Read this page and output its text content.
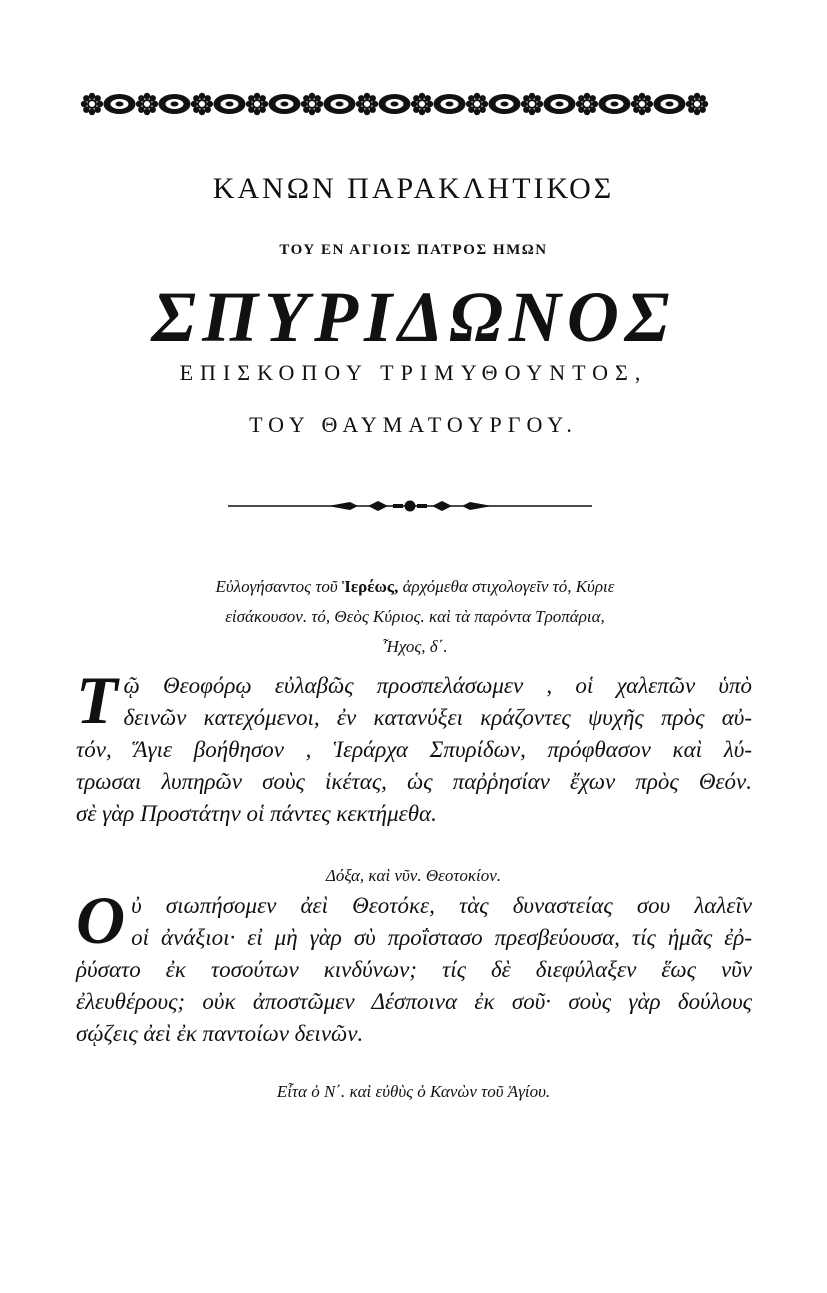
ΚΑΝΩΝ ΠΑΡΑΚΛΗΤΙΚΟΣ
ΤΟΥ ΕΝ ΑΓΙΟΙΣ ΠΑΤΡΟΣ ΗΜΩΝ
ΣΠΥΡΙΔΩΝΟΣ
ΕΠΙΣΚΟΠΟΥ ΤΡΙΜΥΘΟΥΝΤΟΣ,
ΤΟΥ ΘΑΥΜΑΤΟΥΡΓΟΥ.
Εὐλογήσαντος τοῦ Ἱερέως, ἀρχόμεθα στιχολογεῖν τό, Κύριε
εἰσάκουσον. τό, Θεὸς Κύριος. καὶ τὰ παρόντα Τροπάρια,
Ἦχος, δ΄.
Τ ῷ Θεοφόρῳ εὐλαβῶς προσπελάσωμεν , οἱ χαλεπῶν ὑπὸ
δεινῶν κατεχόμενοι, ἐν κατανύξει κράζοντες ψυχῆς πρὸς αὐ-
τόν, Ἅγιε βοήθησον , Ἱεράρχα Σπυρίδων, πρόφθασον καὶ λύ-
τρωσαι λυπηρῶν σοὺς ἱκέτας, ὡς παῤῥησίαν ἔχων πρὸς Θεόν.
σὲ γὰρ Προστάτην οἱ πάντες κεκτήμεθα.
Δόξα, καὶ νῦν. Θεοτοκίον.
Ο ὐ σιωπήσομεν ἀεὶ Θεοτόκε, τὰς δυναστείας σου λαλεῖν
οἱ ἀνάξιοι· εἰ μὴ γὰρ σὺ προΐστασο πρεσβεύουσα, τίς ἡμᾶς ἐῤ-
ῥύσατο ἐκ τοσούτων κινδύνων; τίς δὲ διεφύλαξεν ἕως νῦν
ἐλευθέρους; οὐκ ἀποστῶμεν Δέσποινα ἐκ σοῦ· σοὺς γὰρ δούλους
σῴζεις ἀεὶ ἐκ παντοίων δεινῶν.
Εἶτα ὁ Ν΄. καὶ εὐθὺς ὁ Κανὼν τοῦ Ἁγίου.
